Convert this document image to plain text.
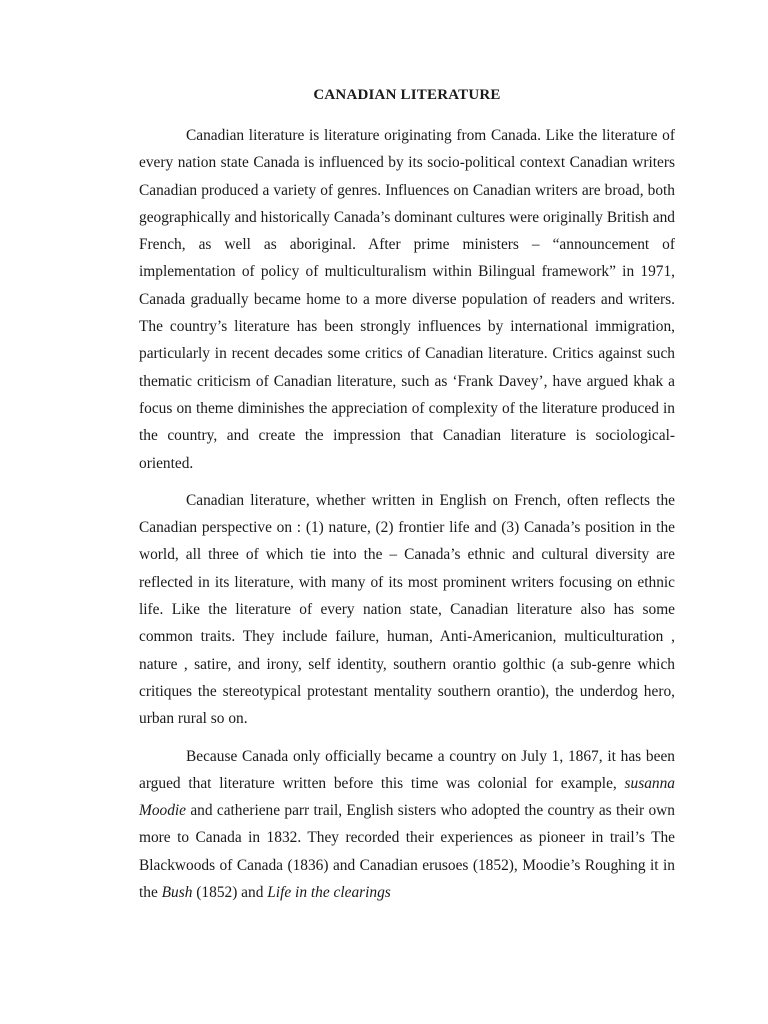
CANADIAN LITERATURE

Canadian literature is literature originating from Canada. Like the literature of every nation state Canada is influenced by its socio-political context Canadian writers Canadian produced a variety of genres. Influences on Canadian writers are broad, both geographically and historically Canada’s dominant cultures were originally British and French, as well as aboriginal. After prime ministers – “announcement of implementation of policy of multiculturalism within Bilingual framework” in 1971, Canada gradually became home to a more diverse population of readers and writers. The country’s literature has been strongly influences by international immigration, particularly in recent decades some critics of Canadian literature. Critics against such thematic criticism of Canadian literature, such as ‘Frank Davey’, have argued khak a focus on theme diminishes the appreciation of complexity of the literature produced in the country, and create the impression that Canadian literature is sociological- oriented.

Canadian literature, whether written in English on French, often reflects the Canadian perspective on : (1) nature, (2) frontier life and (3) Canada’s position in the world, all three of which tie into the – Canada’s ethnic and cultural diversity are reflected in its literature, with many of its most prominent writers focusing on ethnic life. Like the literature of every nation state, Canadian literature also has some common traits. They include failure, human, Anti-Americanion, multiculturation , nature , satire, and irony, self identity, southern orantio golthic (a sub-genre which critiques the stereotypical protestant mentality southern orantio), the underdog hero, urban rural so on.

Because Canada only officially became a country on July 1, 1867, it has been argued that literature written before this time was colonial for example, susanna Moodie and catheriene parr trail, English sisters who adopted the country as their own more to Canada in 1832. They recorded their experiences as pioneer in trail’s The Blackwoods of Canada (1836) and Canadian erusoes (1852), Moodie’s Roughing it in the Bush (1852) and Life in the clearings
